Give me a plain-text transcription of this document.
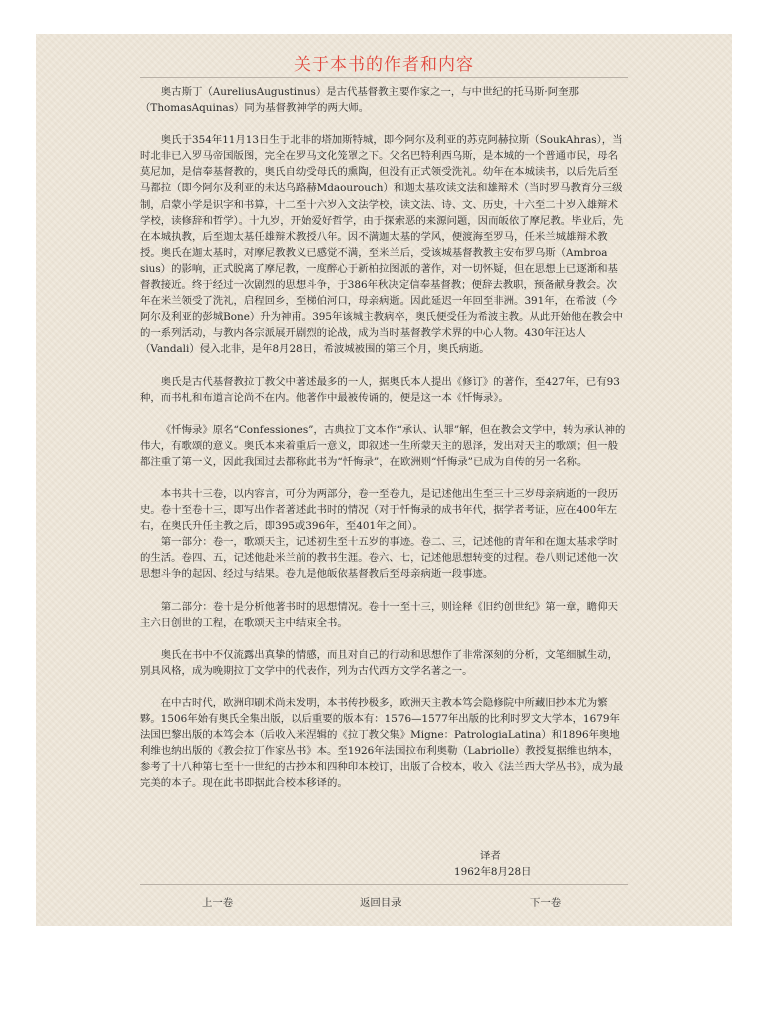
关于本书的作者和内容

奥古斯丁（AureliusAugustinus）是古代基督教主要作家之一，与中世纪的托马斯·阿奎那（ThomasAquinas）同为基督教神学的两大师。

奥氏于354年11月13日生于北非的塔加斯特城，即今阿尔及利亚的苏克阿赫拉斯（SoukAhras），当时北非已入罗马帝国版图，完全在罗马文化笼罩之下。父名巴特利西乌斯，是本城的一个普通市民，母名莫尼加，是信奉基督教的，奥氏自幼受母氏的熏陶，但没有正式领受洗礼。幼年在本城读书，以后先后至马都拉（即今阿尔及利亚的未达乌路赫Mdaourouch）和迦太基攻读文法和雄辩术（当时罗马教育分三级制，启蒙小学是识字和书算，十二至十六岁入文法学校，读文法、诗、文、历史，十六至二十岁入雄辩术学校，读修辞和哲学）。十九岁，开始爱好哲学，由于探索恶的来源问题，因而皈依了摩尼教。毕业后，先在本城执教，后至迦太基任雄辩术教授八年。因不满迦太基的学风，便渡海至罗马，任米兰城雄辩术教授。奥氏在迦太基时，对摩尼教教义已感觉不满，至米兰后，受该城基督教教主安布罗乌斯（Ambroa sius）的影响，正式脱离了摩尼教，一度醉心于新柏拉图派的著作，对一切怀疑，但在思想上已逐渐和基督教接近。终于经过一次剧烈的思想斗争，于386年秋决定信奉基督教；便辞去教职，预备献身教会。次年在米兰领受了洗礼，启程回乡，至梯伯河口，母亲病逝。因此延迟一年回至非洲。391年，在希波（今阿尔及利亚的彭城Bone）升为神甫。395年该城主教病卒，奥氏便受任为希波主教。从此开始他在教会中的一系列活动，与教内各宗派展开剧烈的论战，成为当时基督教学术界的中心人物。430年汪达人（Vandali）侵入北非，是年8月28日，希波城被围的第三个月，奥氏病逝。

奥氏是古代基督教拉丁教父中著述最多的一人，据奥氏本人提出《修订》的著作，至427年，已有93种，而书札和布道言论尚不在内。他著作中最被传诵的，便是这一本《忏悔录》。

《忏悔录》原名“Confessiones”，古典拉丁文本作“承认、认罪”解，但在教会文学中，转为承认神的伟大，有歌颂的意义。奥氏本来着重后一意义，即叙述一生所蒙天主的恩泽，发出对天主的歌颂；但一般都注重了第一义，因此我国过去都称此书为“忏悔录”，在欧洲则“忏悔录”已成为自传的另一名称。

本书共十三卷，以内容言，可分为两部分，卷一至卷九，是记述他出生至三十三岁母亲病逝的一段历史。卷十至卷十三，即写出作者著述此书时的情况（对于忏悔录的成书年代，据学者考证，应在400年左右，在奥氏升任主教之后，即395或396年，至401年之间）。

第一部分：卷一，歌颂天主，记述初生至十五岁的事迹。卷二、三，记述他的青年和在迦太基求学时的生活。卷四、五，记述他赴米兰前的教书生涯。卷六、七，记述他思想转变的过程。卷八则记述他一次思想斗争的起因、经过与结果。卷九是他皈依基督教后至母亲病逝一段事迹。

第二部分：卷十是分析他著书时的思想情况。卷十一至十三，则诠释《旧约创世纪》第一章，瞻仰天主六日创世的工程，在歌颂天主中结束全书。

奥氏在书中不仅流露出真挚的情感，而且对自己的行动和思想作了非常深刻的分析，文笔细腻生动，别具风格，成为晚期拉丁文学中的代表作，列为古代西方文学名著之一。

在中古时代，欧洲印刷术尚未发明，本书传抄极多，欧洲天主教本笃会隐修院中所藏旧抄本尤为繁夥。1506年始有奥氏全集出版，以后重要的版本有：1576—1577年出版的比利时罗文大学本，1679年法国巴黎出版的本笃会本（后收入米涅辑的《拉丁教父集》Migne：PatrologiaLatina）和1896年奥地利维也纳出版的《教会拉丁作家丛书》本。至1926年法国拉布利奥勒（Labriolle）教授复据维也纳本，参考了十八种第七至十一世纪的古抄本和四种印本校订，出版了合校本，收入《法兰西大学丛书》，成为最完美的本子。现在此书即据此合校本移译的。

译者
1962年8月28日
上一卷	返回目录	下一卷
